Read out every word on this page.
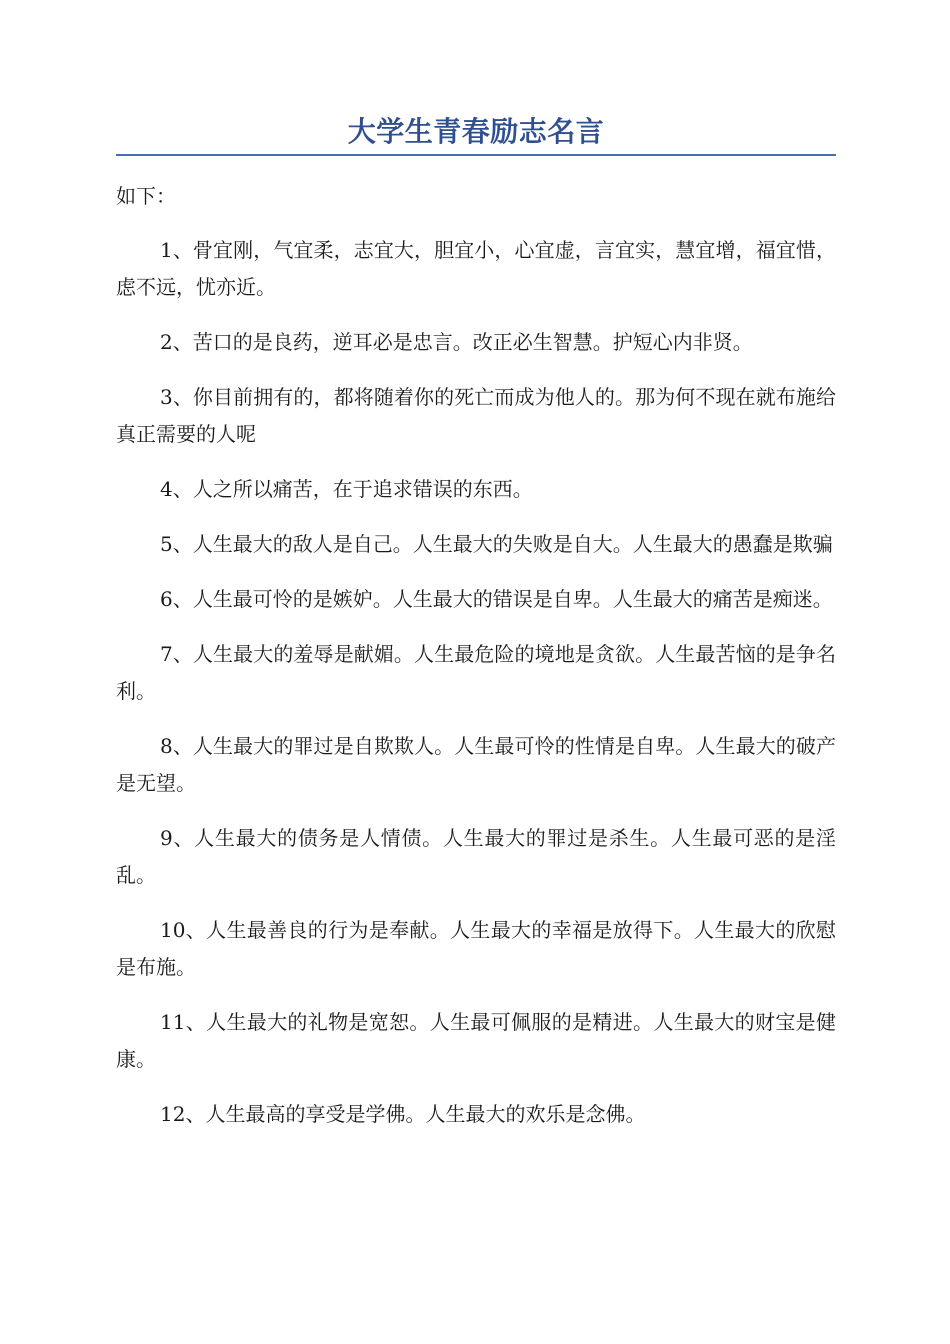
大学生青春励志名言

如下：

1、骨宜刚，气宜柔，志宜大，胆宜小，心宜虚，言宜实，慧宜增，福宜惜，虑不远，忧亦近。
2、苦口的是良药，逆耳必是忠言。改正必生智慧。护短心内非贤。
3、你目前拥有的，都将随着你的死亡而成为他人的。那为何不现在就布施给真正需要的人呢
4、人之所以痛苦，在于追求错误的东西。
5、人生最大的敌人是自己。人生最大的失败是自大。人生最大的愚蠢是欺骗
6、人生最可怜的是嫉妒。人生最大的错误是自卑。人生最大的痛苦是痴迷。
7、人生最大的羞辱是献媚。人生最危险的境地是贪欲。人生最苦恼的是争名利。
8、人生最大的罪过是自欺欺人。人生最可怜的性情是自卑。人生最大的破产是无望。
9、人生最大的债务是人情债。人生最大的罪过是杀生。人生最可恶的是淫乱。
10、人生最善良的行为是奉献。人生最大的幸福是放得下。人生最大的欣慰是布施。
11、人生最大的礼物是宽恕。人生最可佩服的是精进。人生最大的财宝是健康。
12、人生最高的享受是学佛。人生最大的欢乐是念佛。
